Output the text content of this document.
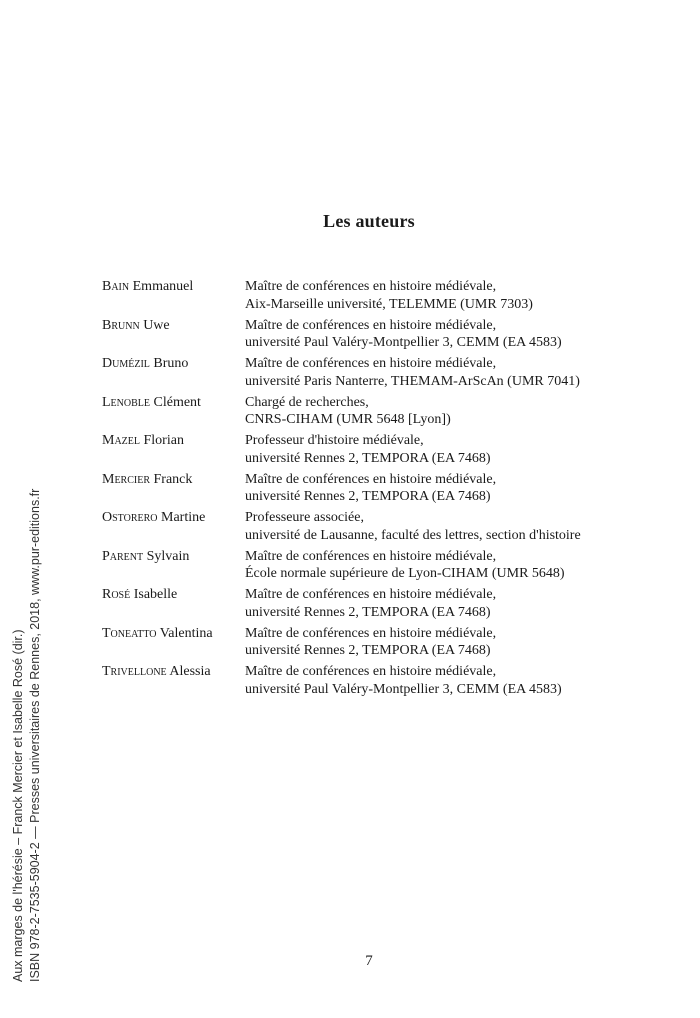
Aux marges de l'hérésie – Franck Mercier et Isabelle Rosé (dir.) ISBN 978-2-7535-5904-2 — Presses universitaires de Rennes, 2018, www.pur-editions.fr
Les auteurs
Bain Emmanuel	Maître de conférences en histoire médiévale,
Aix-Marseille université, TELEMME (UMR 7303)
Brunn Uwe	Maître de conférences en histoire médiévale,
université Paul Valéry-Montpellier 3, CEMM (EA 4583)
Dumézil Bruno	Maître de conférences en histoire médiévale,
université Paris Nanterre, THEMAM-ArScAn (UMR 7041)
Lenoble Clément	Chargé de recherches,
CNRS-CIHAM (UMR 5648 [Lyon])
Mazel Florian	Professeur d'histoire médiévale,
université Rennes 2, TEMPORA (EA 7468)
Mercier Franck	Maître de conférences en histoire médiévale,
université Rennes 2, TEMPORA (EA 7468)
Ostorero Martine	Professeure associée,
université de Lausanne, faculté des lettres, section d'histoire
Parent Sylvain	Maître de conférences en histoire médiévale,
École normale supérieure de Lyon-CIHAM (UMR 5648)
Rosé Isabelle	Maître de conférences en histoire médiévale,
université Rennes 2, TEMPORA (EA 7468)
Toneatto Valentina	Maître de conférences en histoire médiévale,
université Rennes 2, TEMPORA (EA 7468)
Trivellone Alessia	Maître de conférences en histoire médiévale,
université Paul Valéry-Montpellier 3, CEMM (EA 4583)
7
